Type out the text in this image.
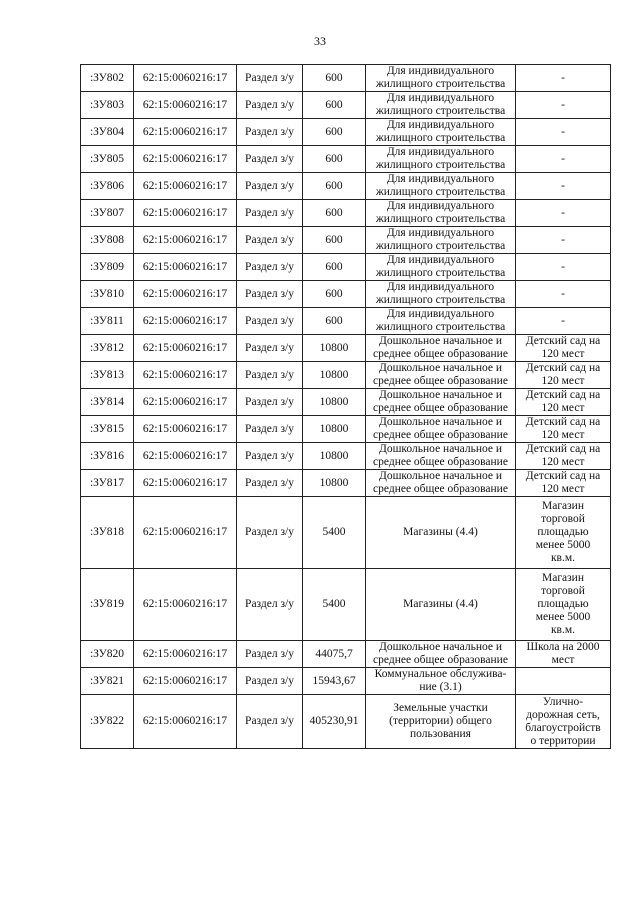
33
:ЗУ802	62:15:0060216:17	Раздел з/у	600	Для индивидуального
жилищного строительства	-
:ЗУ803	62:15:0060216:17	Раздел з/у	600	Для индивидуального
жилищного строительства	-
:ЗУ804	62:15:0060216:17	Раздел з/у	600	Для индивидуального
жилищного строительства	-
:ЗУ805	62:15:0060216:17	Раздел з/у	600	Для индивидуального
жилищного строительства	-
:ЗУ806	62:15:0060216:17	Раздел з/у	600	Для индивидуального
жилищного строительства	-
:ЗУ807	62:15:0060216:17	Раздел з/у	600	Для индивидуального
жилищного строительства	-
:ЗУ808	62:15:0060216:17	Раздел з/у	600	Для индивидуального
жилищного строительства	-
:ЗУ809	62:15:0060216:17	Раздел з/у	600	Для индивидуального
жилищного строительства	-
:ЗУ810	62:15:0060216:17	Раздел з/у	600	Для индивидуального
жилищного строительства	-
:ЗУ811	62:15:0060216:17	Раздел з/у	600	Для индивидуального
жилищного строительства	-
:ЗУ812	62:15:0060216:17	Раздел з/у	10800	Дошкольное начальное и
среднее общее образование	Детский сад на
120 мест
:ЗУ813	62:15:0060216:17	Раздел з/у	10800	Дошкольное начальное и
среднее общее образование	Детский сад на
120 мест
:ЗУ814	62:15:0060216:17	Раздел з/у	10800	Дошкольное начальное и
среднее общее образование	Детский сад на
120 мест
:ЗУ815	62:15:0060216:17	Раздел з/у	10800	Дошкольное начальное и
среднее общее образование	Детский сад на
120 мест
:ЗУ816	62:15:0060216:17	Раздел з/у	10800	Дошкольное начальное и
среднее общее образование	Детский сад на
120 мест
:ЗУ817	62:15:0060216:17	Раздел з/у	10800	Дошкольное начальное и
среднее общее образование	Детский сад на
120 мест
:ЗУ818	62:15:0060216:17	Раздел з/у	5400	Магазины (4.4)	Магазин
торговой
площадью
менее 5000
кв.м.
:ЗУ819	62:15:0060216:17	Раздел з/у	5400	Магазины (4.4)	Магазин
торговой
площадью
менее 5000
кв.м.
:ЗУ820	62:15:0060216:17	Раздел з/у	44075,7	Дошкольное начальное и
среднее общее образование	Школа на 2000
мест
:ЗУ821	62:15:0060216:17	Раздел з/у	15943,67	Коммунальное обслужива-
ние (3.1)	
:ЗУ822	62:15:0060216:17	Раздел з/у	405230,91	Земельные участки
(территории) общего
пользования	Улично-
дорожная сеть,
благоустройств
о территории
